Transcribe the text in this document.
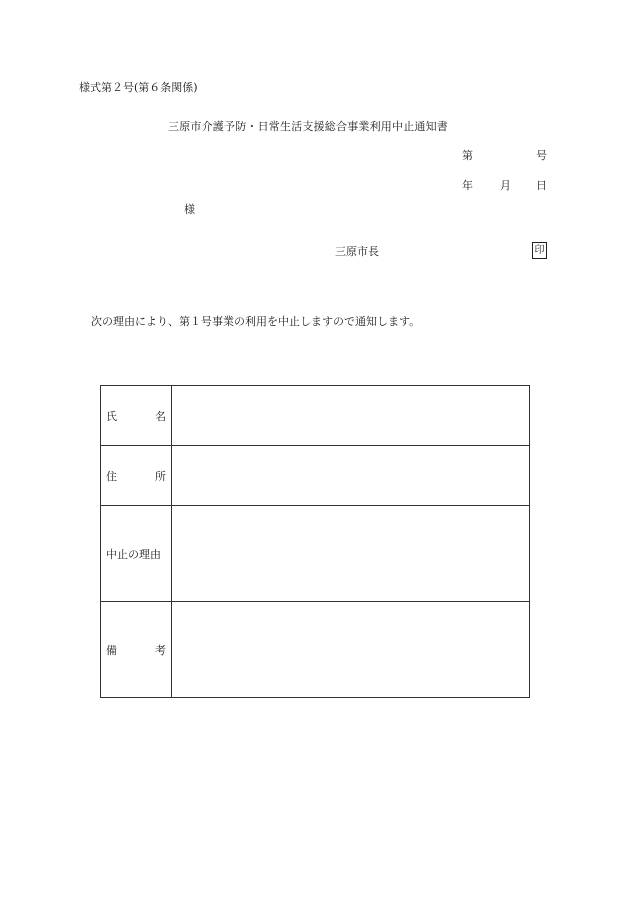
様式第２号(第６条関係)
三原市介護予防・日常生活支援総合事業利用中止通知書
第	号
年 月 日
様
三原市長	印
次の理由により、第１号事業の利用を中止しますので通知します。
氏 名	

住 所	

中止の理由	

備 考	
